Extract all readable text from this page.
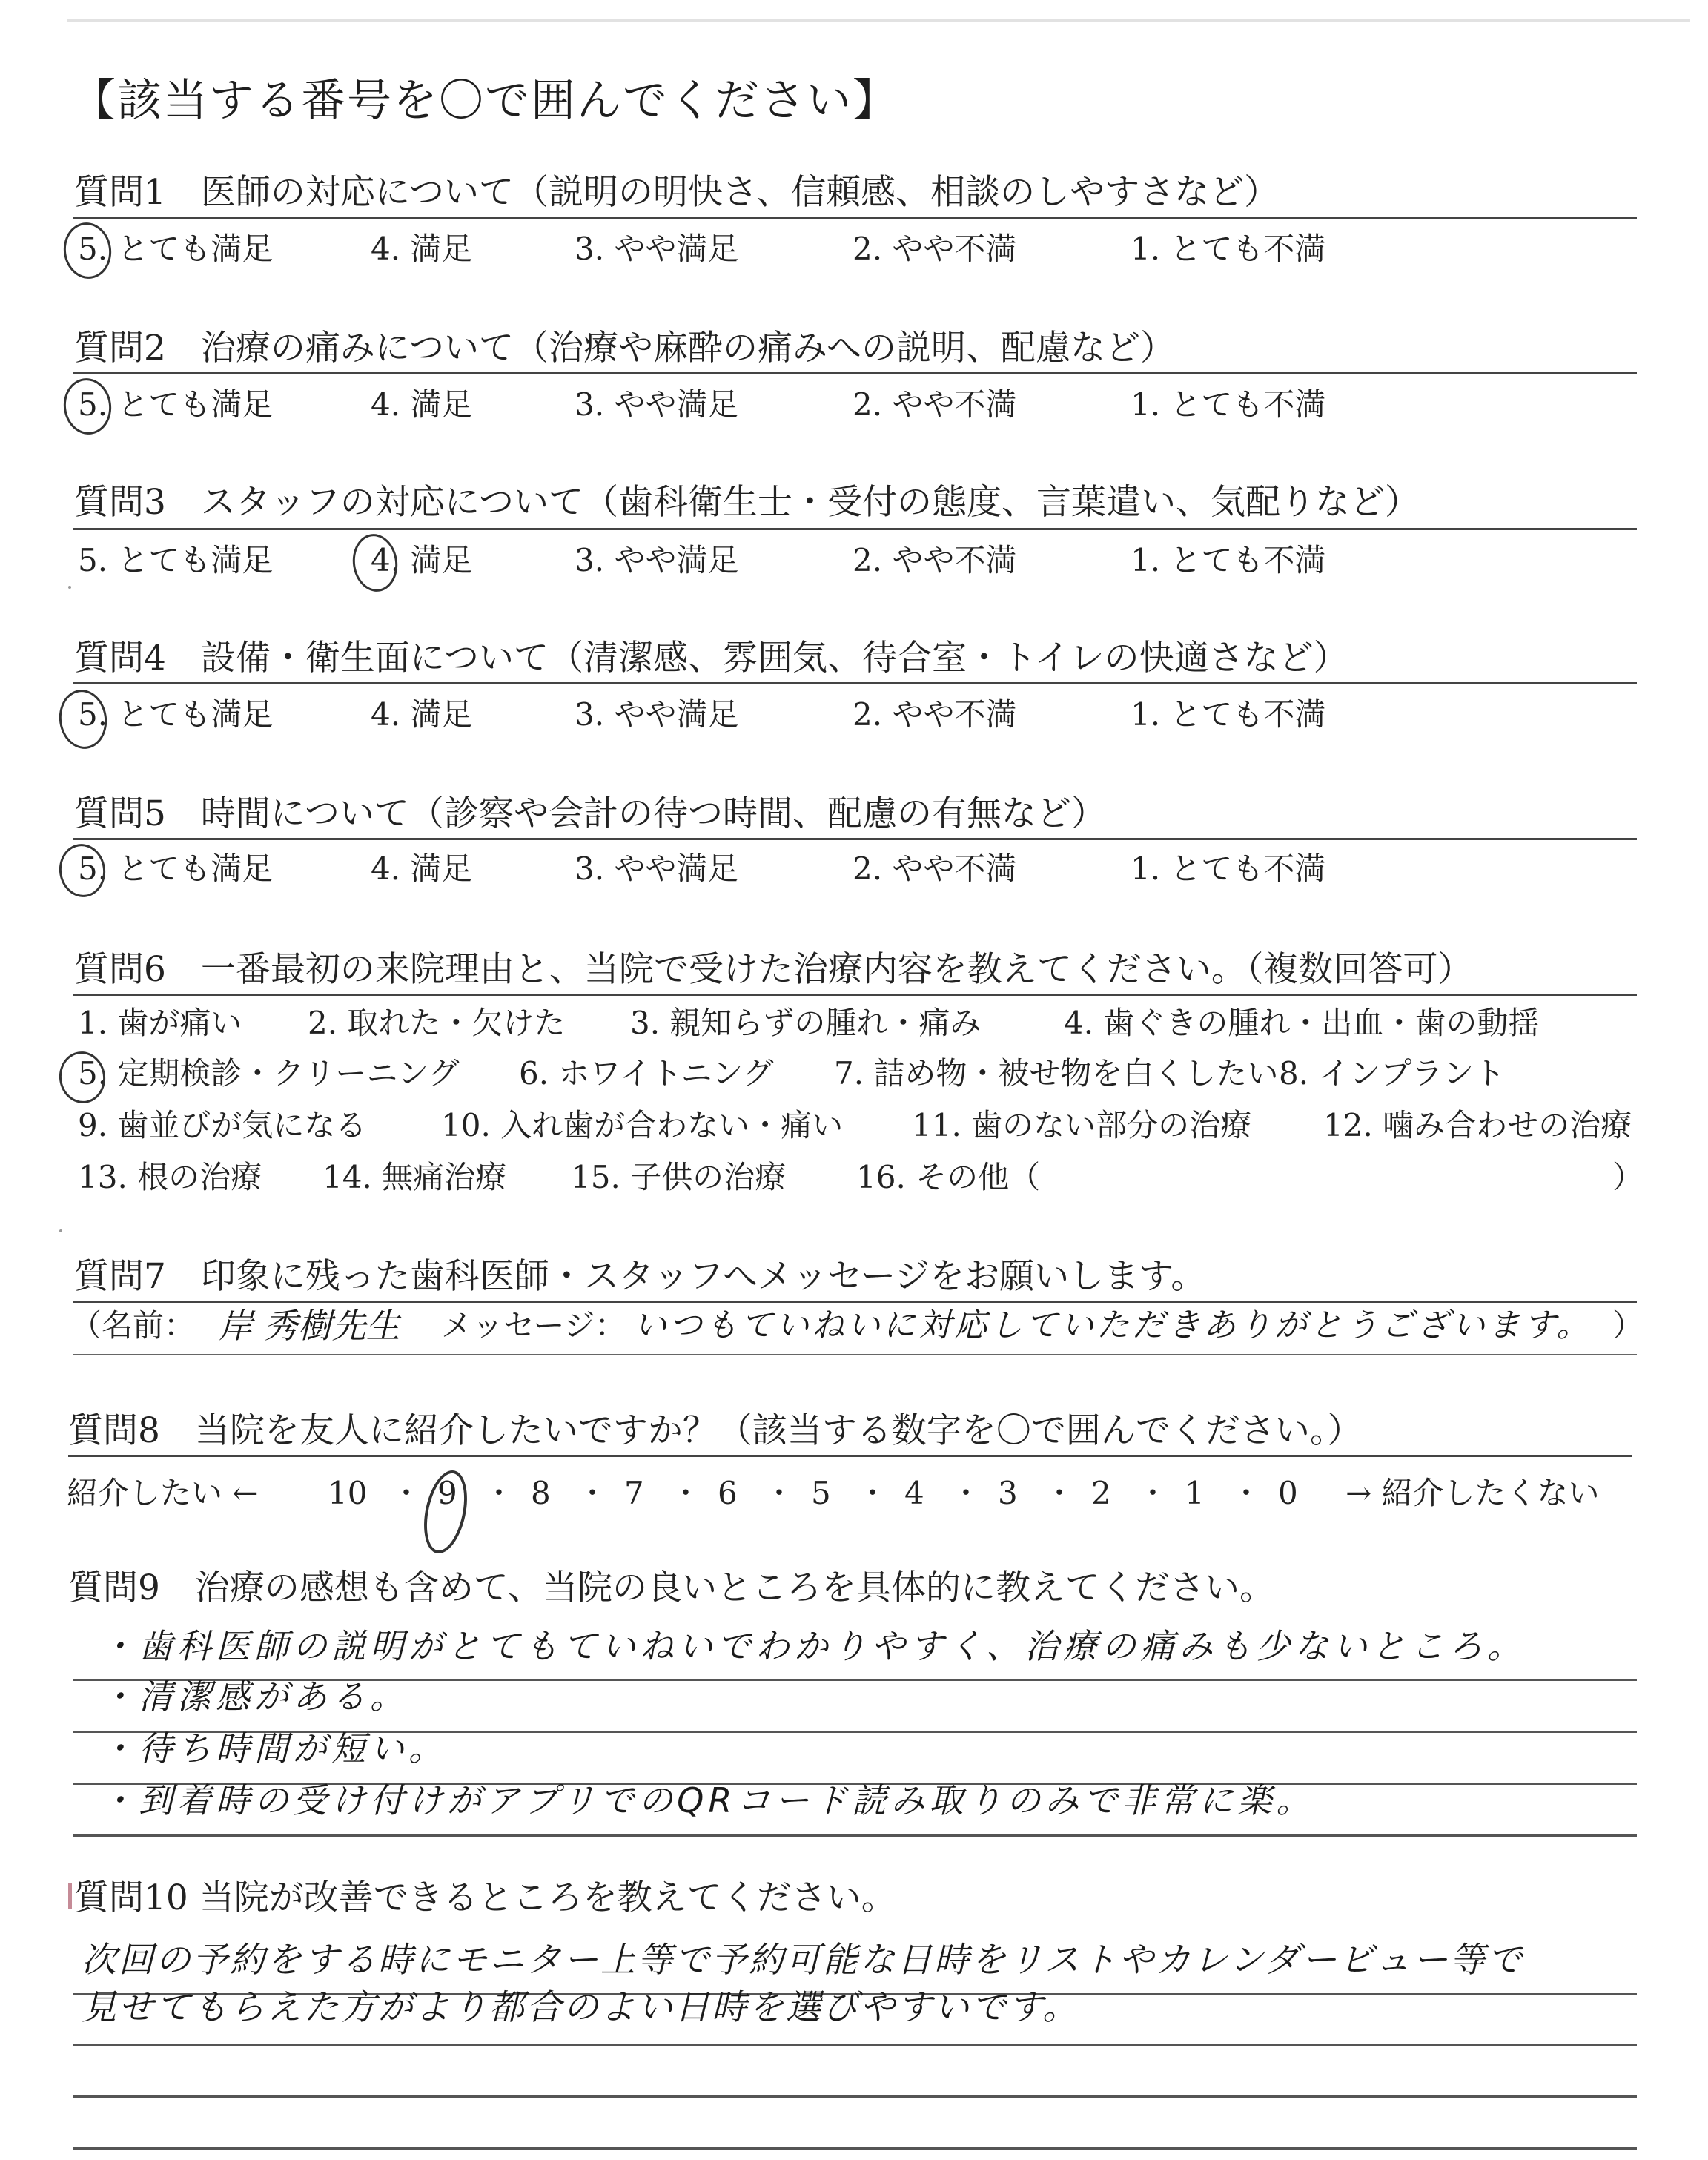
【該当する番号を〇で囲んでください】
質問1　医師の対応について（説明の明快さ、信頼感、相談のしやすさなど）
5. とても満足	4. 満足	3. やや満足	2. やや不満	1. とても不満
質問2　治療の痛みについて（治療や麻酔の痛みへの説明、配慮など）
5. とても満足	4. 満足	3. やや満足	2. やや不満	1. とても不満
質問3　スタッフの対応について（歯科衛生士・受付の態度、言葉遣い、気配りなど）
5. とても満足	4. 満足	3. やや満足	2. やや不満	1. とても不満
質問4　設備・衛生面について（清潔感、雰囲気、待合室・トイレの快適さなど）
5. とても満足	4. 満足	3. やや満足	2. やや不満	1. とても不満
質問5　時間について（診察や会計の待つ時間、配慮の有無など）
5. とても満足	4. 満足	3. やや満足	2. やや不満	1. とても不満
質問6　一番最初の来院理由と、当院で受けた治療内容を教えてください。（複数回答可）
1. 歯が痛い 2. 取れた・欠けた 3. 親知らずの腫れ・痛み	4. 歯ぐきの腫れ・出血・歯の動揺
5. 定期検診・クリーニング 6. ホワイトニング 7. 詰め物・被せ物を白くしたい 8. インプラント
9. 歯並びが気になる 10. 入れ歯が合わない・痛い 11. 歯のない部分の治療 12. 噛み合わせの治療
13. 根の治療 14. 無痛治療 15. 子供の治療 16. その他（	）
質問7　印象に残った歯科医師・スタッフへメッセージをお願いします。
（名前： 岸 秀樹先生 メッセージ： いつもていねいに対応していただきありがとうございます。 ）
質問8　当院を友人に紹介したいですか？（該当する数字を〇で囲んでください。）
紹介したい ← 10 ・ 9 ・ 8 ・ 7 ・ 6 ・ 5 ・ 4 ・ 3 ・ 2 ・ 1 ・ 0 → 紹介したくない
質問9　治療の感想も含めて、当院の良いところを具体的に教えてください。
・歯科医師の説明がとてもていねいでわかりやすく、治療の痛みも少ないところ。
・清潔感がある。
・待ち時間が短い。
・到着時の受け付けがアプリでのQRコード読み取りのみで非常に楽。
質問10 当院が改善できるところを教えてください。
次回の予約をする時にモニター上等で予約可能な日時をリストやカレンダービュー等で
見せてもらえた方がより都合のよい日時を選びやすいです。
